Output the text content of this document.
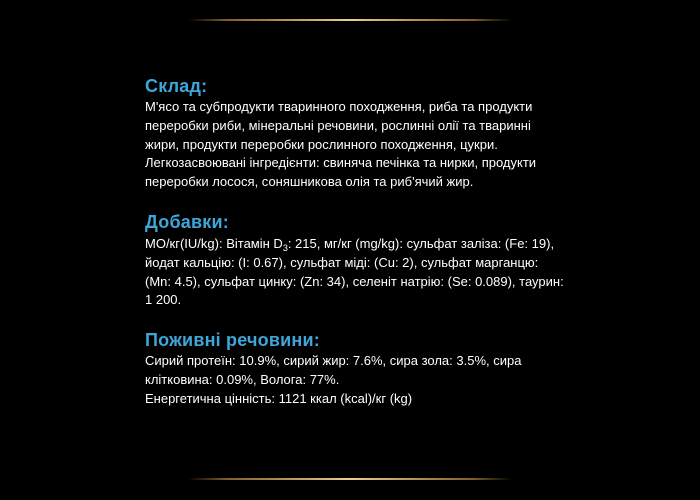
Склад:

М'ясо та субпродукти тваринного походження, риба та продукти переробки риби, мінеральні речовини, рослинні олії та тваринні жири, продукти переробки рослинного походження, цукри.

Легкозасвоювані інгредієнти: свиняча печінка та нирки, продукти переробки лосося, соняшникова олія та риб'ячий жир.

Добавки:

МО/кг(IU/kg): Вітамін $D_3$: 215, мг/кг (mg/kg): сульфат заліза: (Fe: 19), йодат кальцію: (I: 0.67), сульфат міді: (Cu: 2), сульфат марганцю: (Mn: 4.5), сульфат цинку: (Zn: 34), селеніт натрію: (Se: 0.089), таурин: 1 200.

Поживні речовини:

Сирий протеїн: 10.9%, сирий жир: 7.6%, сира зола: 3.5%, сира клітковина: 0.09%, Волога: 77%.

Енергетична цінність: 1121 ккал (kcal)/кг (kg)
